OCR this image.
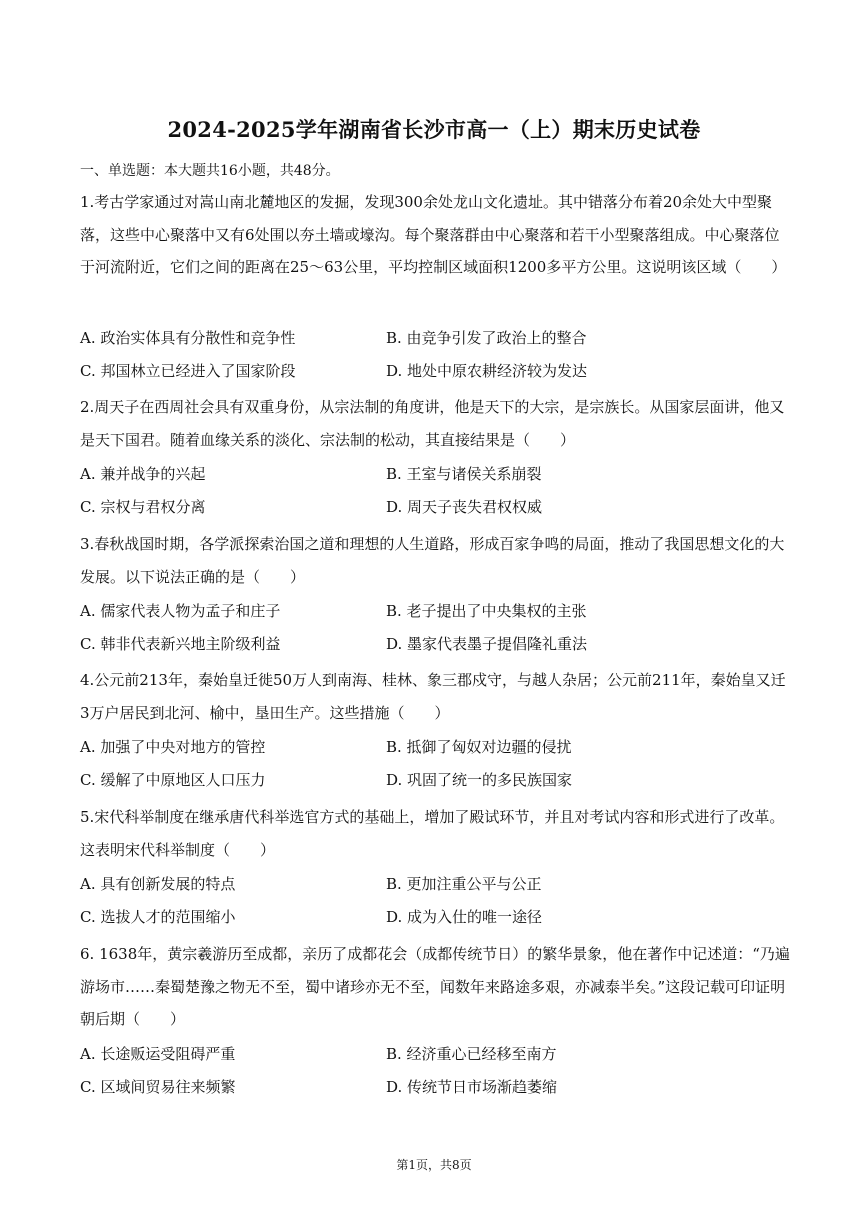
2024-2025学年湖南省长沙市高一（上）期末历史试卷
一、单选题：本大题共16小题，共48分。
1.考古学家通过对嵩山南北麓地区的发掘，发现300余处龙山文化遗址。其中错落分布着20余处大中型聚落，这些中心聚落中又有6处围以夯土墙或壕沟。每个聚落群由中心聚落和若干小型聚落组成。中心聚落位于河流附近，它们之间的距离在25～63公里，平均控制区域面积1200多平方公里。这说明该区域（　　）
A. 政治实体具有分散性和竞争性	B. 由竞争引发了政治上的整合
C. 邦国林立已经进入了国家阶段	D. 地处中原农耕经济较为发达
2.周天子在西周社会具有双重身份，从宗法制的角度讲，他是天下的大宗，是宗族长。从国家层面讲，他又是天下国君。随着血缘关系的淡化、宗法制的松动，其直接结果是（　　）
A. 兼并战争的兴起	B. 王室与诸侯关系崩裂
C. 宗权与君权分离	D. 周天子丧失君权权威
3.春秋战国时期，各学派探索治国之道和理想的人生道路，形成百家争鸣的局面，推动了我国思想文化的大发展。以下说法正确的是（　　）
A. 儒家代表人物为孟子和庄子	B. 老子提出了中央集权的主张
C. 韩非代表新兴地主阶级利益	D. 墨家代表墨子提倡隆礼重法
4.公元前213年，秦始皇迁徙50万人到南海、桂林、象三郡戍守，与越人杂居；公元前211年，秦始皇又迁3万户居民到北河、榆中，垦田生产。这些措施（　　）
A. 加强了中央对地方的管控	B. 抵御了匈奴对边疆的侵扰
C. 缓解了中原地区人口压力	D. 巩固了统一的多民族国家
5.宋代科举制度在继承唐代科举选官方式的基础上，增加了殿试环节，并且对考试内容和形式进行了改革。这表明宋代科举制度（　　）
A. 具有创新发展的特点	B. 更加注重公平与公正
C. 选拔人才的范围缩小	D. 成为入仕的唯一途径
6. 1638年，黄宗羲游历至成都，亲历了成都花会（成都传统节日）的繁华景象，他在著作中记述道：“乃遍游场市……秦蜀楚豫之物无不至，蜀中诸珍亦无不至，闻数年来路途多艰，亦减泰半矣。”这段记载可印证明朝后期（　　）
A. 长途贩运受阻碍严重	B. 经济重心已经移至南方
C. 区域间贸易往来频繁	D. 传统节日市场渐趋萎缩
第1页，共8页
